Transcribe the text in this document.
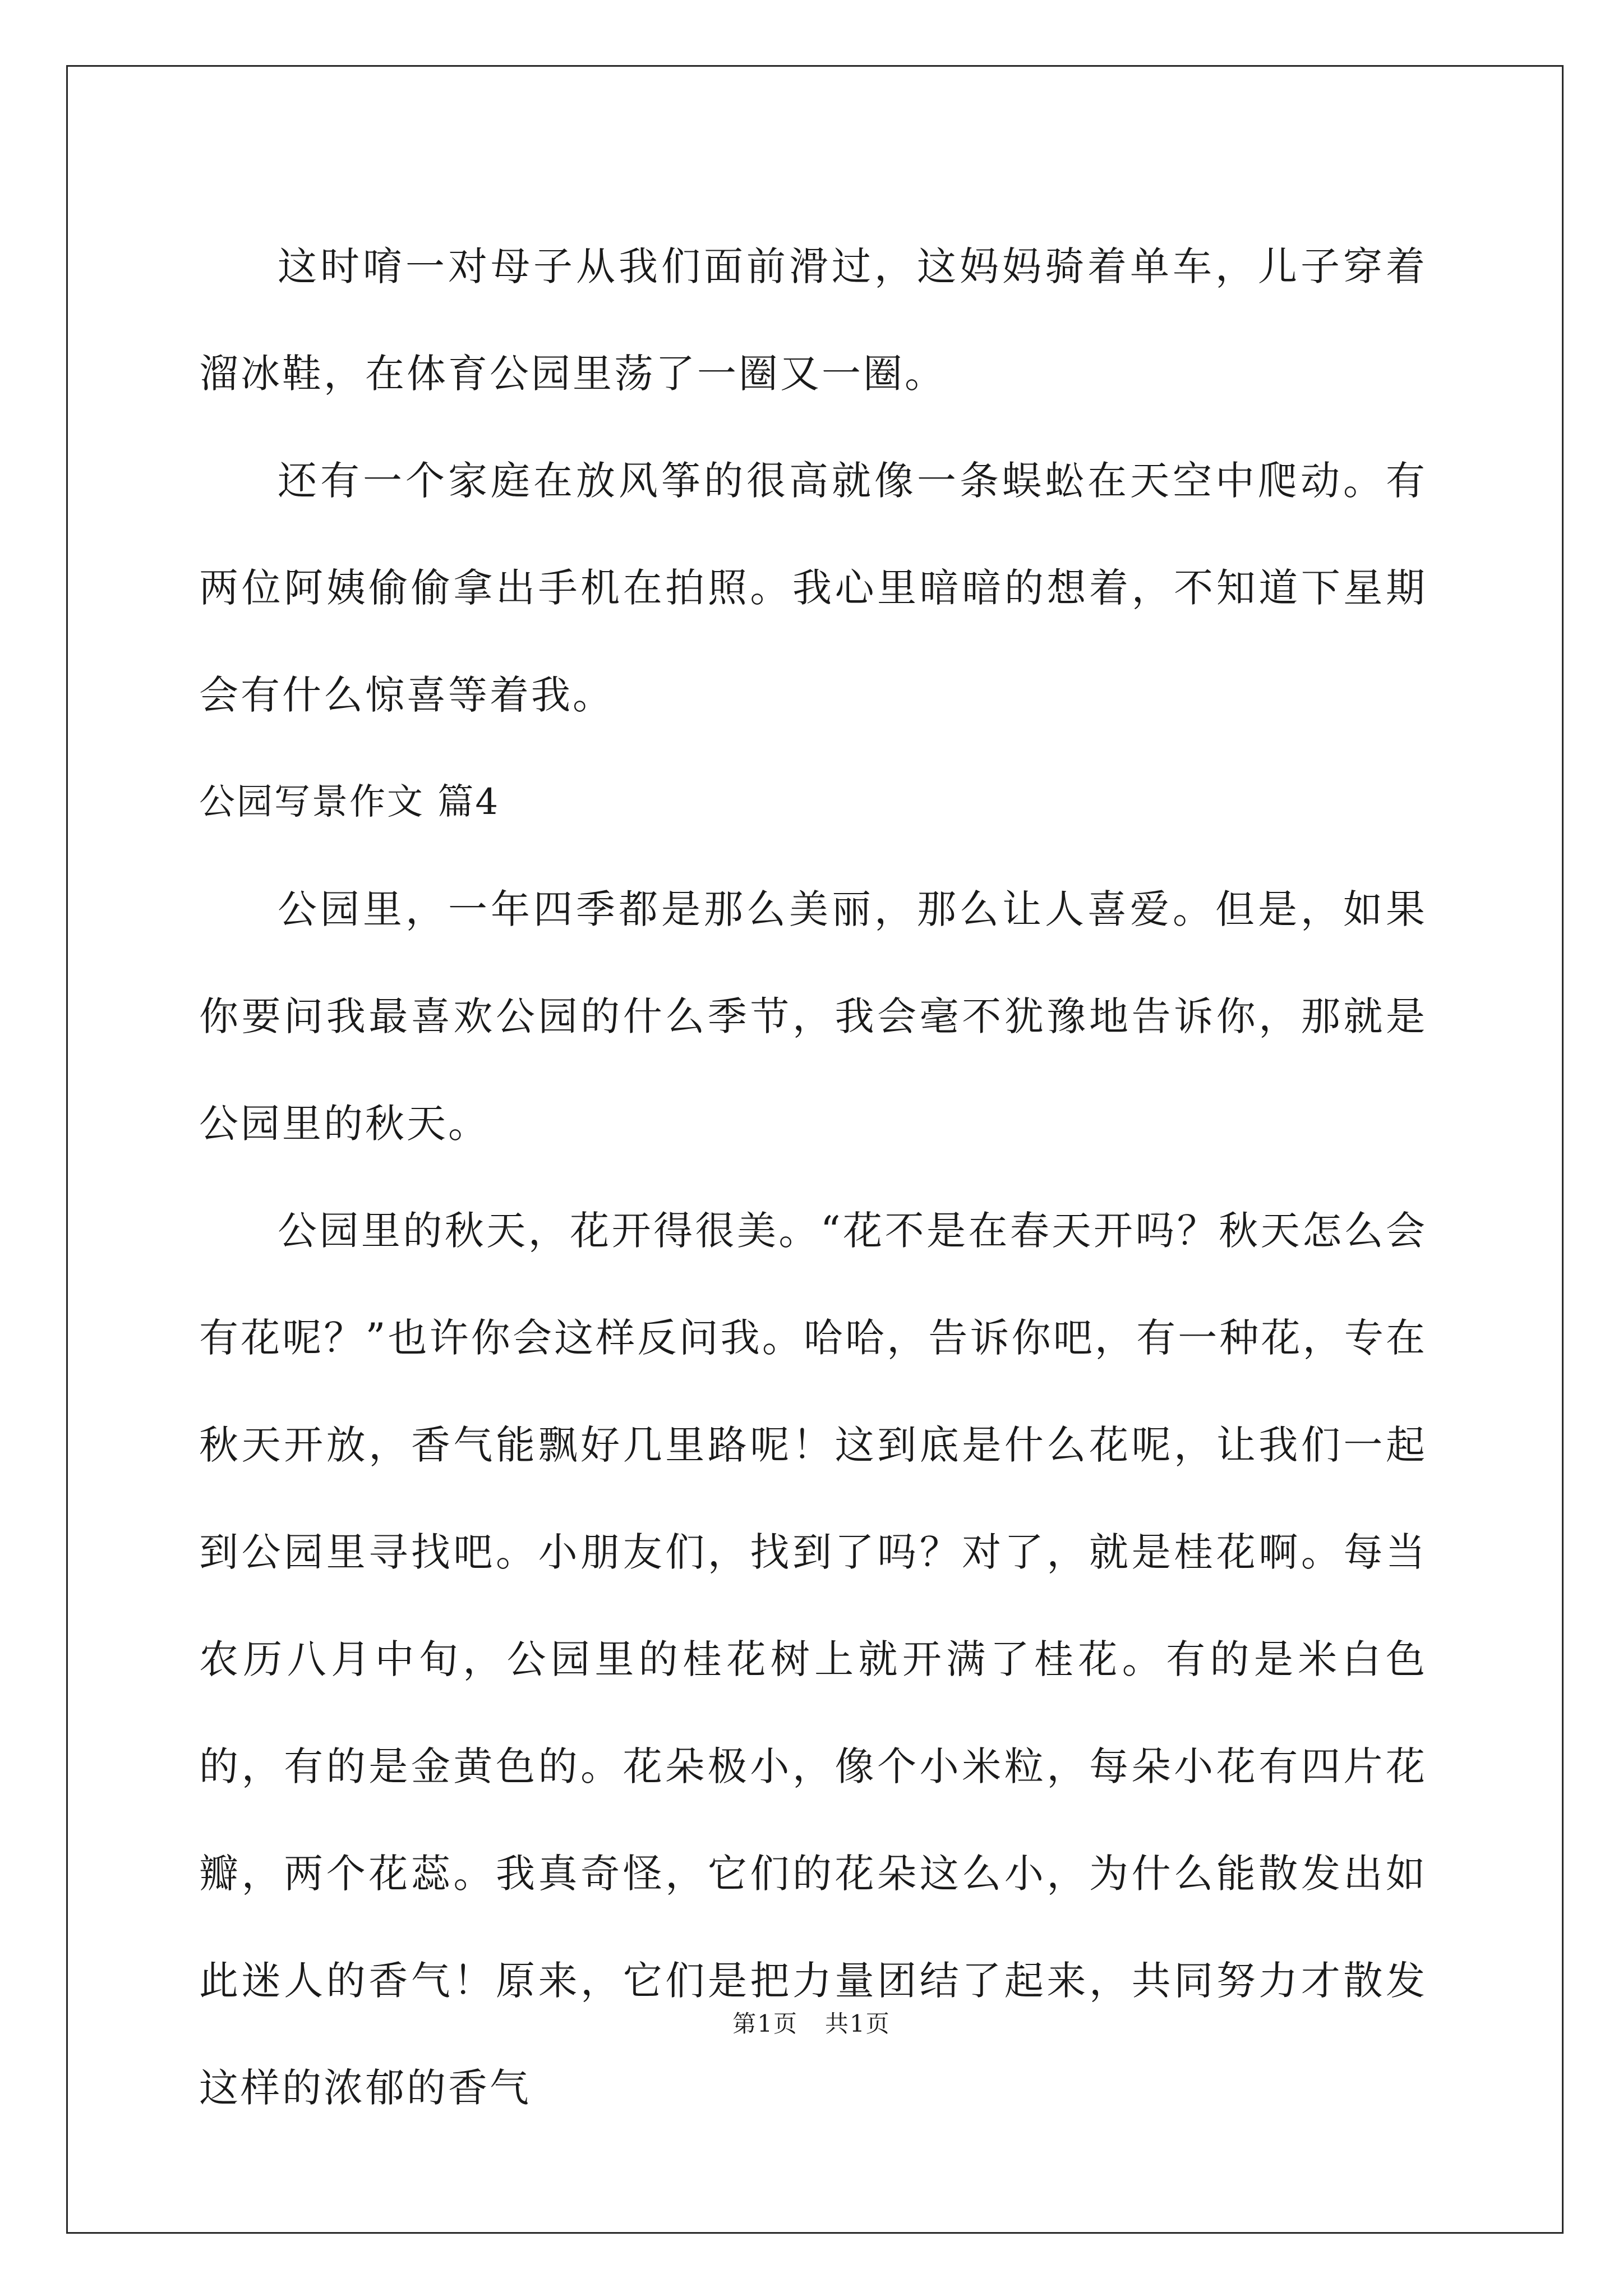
这时唷一对母子从我们面前滑过，这妈妈骑着单车，儿子穿着溜冰鞋，在体育公园里荡了一圈又一圈。

还有一个家庭在放风筝的很高就像一条蜈蚣在天空中爬动。有两位阿姨偷偷拿出手机在拍照。我心里暗暗的想着，不知道下星期会有什么惊喜等着我。

公园写景作文 篇4

公园里，一年四季都是那么美丽，那么让人喜爱。但是，如果你要问我最喜欢公园的什么季节，我会毫不犹豫地告诉你，那就是公园里的秋天。

公园里的秋天，花开得很美。“花不是在春天开吗？秋天怎么会有花呢？”也许你会这样反问我。哈哈，告诉你吧，有一种花，专在秋天开放，香气能飘好几里路呢！这到底是什么花呢，让我们一起到公园里寻找吧。小朋友们，找到了吗？对了，就是桂花啊。每当农历八月中旬，公园里的桂花树上就开满了桂花。有的是米白色的，有的是金黄色的。花朵极小，像个小米粒，每朵小花有四片花瓣，两个花蕊。我真奇怪，它们的花朵这么小，为什么能散发出如此迷人的香气！原来，它们是把力量团结了起来，共同努力才散发这样的浓郁的香气

第1页 共1页
